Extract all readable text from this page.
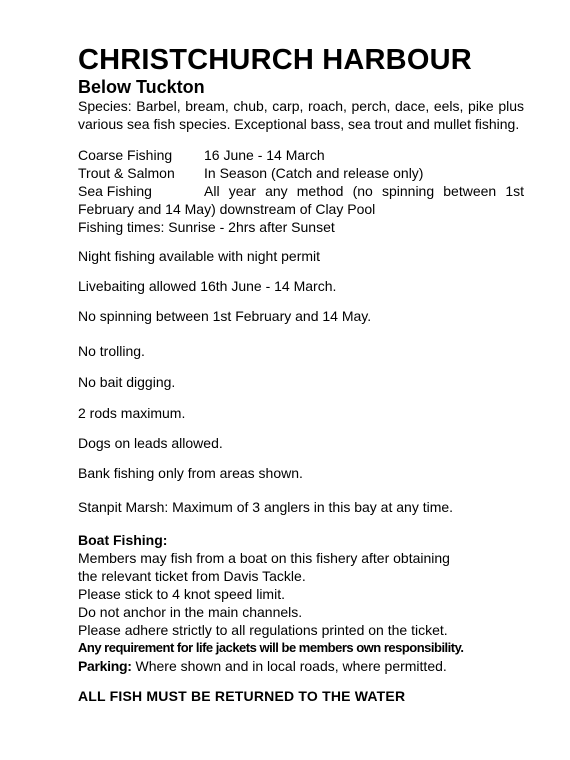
CHRISTCHURCH HARBOUR
Below Tuckton

Species: Barbel, bream, chub, carp, roach, perch, dace, eels, pike plus various sea fish species. Exceptional bass, sea trout and mullet fishing.

Coarse Fishing	16 June - 14 March
Trout & Salmon	In Season (Catch and release only)
Sea Fishing	All year any method (no spinning between 1st February and 14 May) downstream of Clay Pool
Fishing times: Sunrise - 2hrs after Sunset

Night fishing available with night permit

Livebaiting allowed 16th June - 14 March.

No spinning between 1st February and 14 May.

No trolling.

No bait digging.

2 rods maximum.

Dogs on leads allowed.

Bank fishing only from areas shown.

Stanpit Marsh: Maximum of 3 anglers in this bay at any time.

Boat Fishing:

Members may fish from a boat on this fishery after obtaining

the relevant ticket from Davis Tackle.

Please stick to 4 knot speed limit.

Do not anchor in the main channels.

Please adhere strictly to all regulations printed on the ticket.

Any requirement for life jackets will be members own responsibility.

Parking: Where shown and in local roads, where permitted.

ALL FISH MUST BE RETURNED TO THE WATER
